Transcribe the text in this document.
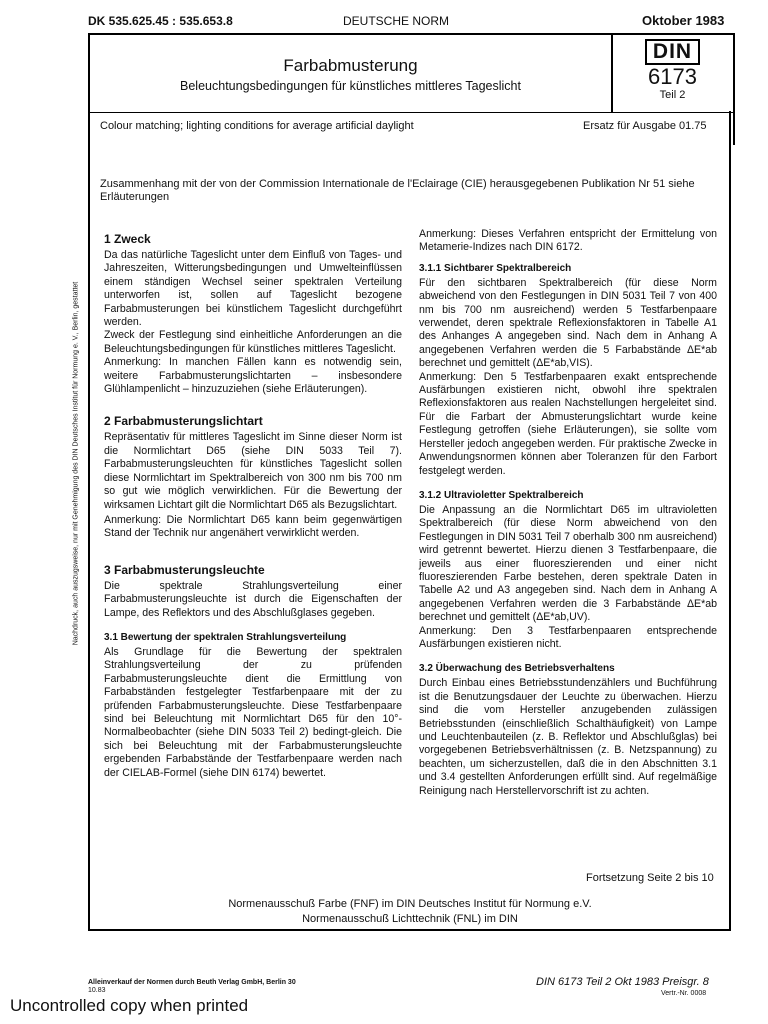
DK 535.625.45 : 535.653.8	DEUTSCHE NORM	Oktober 1983
Farbabmusterung
Beleuchtungsbedingungen für künstliches mittleres Tageslicht
DIN
6173
Teil 2
Colour matching; lighting conditions for average artificial daylight	Ersatz für Ausgabe 01.75
Zusammenhang mit der von der Commission Internationale de l'Eclairage (CIE) herausgegebenen Publikation Nr 51 siehe Erläuterungen
Nachdruck, auch auszugsweise, nur mit Genehmigung des DIN Deutsches Institut für Normung e. V., Berlin, gestattet

1 Zweck

Da das natürliche Tageslicht unter dem Einfluß von Tages- und Jahreszeiten, Witterungsbedingungen und Umwelteinflüssen einem ständigen Wechsel seiner spektralen Verteilung unterworfen ist, sollen auf Tageslicht bezogene Farbabmusterungen bei künstlichem Tageslicht durchgeführt werden.

Zweck der Festlegung sind einheitliche Anforderungen an die Beleuchtungsbedingungen für künstliches mittleres Tageslicht.

Anmerkung: In manchen Fällen kann es notwendig sein, weitere Farbabmusterungslichtarten – insbesondere Glühlampenlicht – hinzuzuziehen (siehe Erläuterungen).

2 Farbabmusterungslichtart

Repräsentativ für mittleres Tageslicht im Sinne dieser Norm ist die Normlichtart D65 (siehe DIN 5033 Teil 7). Farbabmusterungsleuchten für künstliches Tageslicht sollen diese Normlichtart im Spektralbereich von 300 nm bis 700 nm so gut wie möglich verwirklichen. Für die Bewertung der wirksamen Lichtart gilt die Normlichtart D65 als Bezugslichtart.

Anmerkung: Die Normlichtart D65 kann beim gegenwärtigen Stand der Technik nur angenähert verwirklicht werden.

3 Farbabmusterungsleuchte

Die spektrale Strahlungsverteilung einer Farbabmusterungsleuchte ist durch die Eigenschaften der Lampe, des Reflektors und des Abschlußglases gegeben.

3.1 Bewertung der spektralen Strahlungsverteilung

Als Grundlage für die Bewertung der spektralen Strahlungsverteilung der zu prüfenden Farbabmusterungsleuchte dient die Ermittlung von Farbabständen festgelegter Testfarbenpaare mit der zu prüfenden Farbabmusterungsleuchte. Diese Testfarbenpaare sind bei Beleuchtung mit Normlichtart D65 für den 10°-Normalbeobachter (siehe DIN 5033 Teil 2) bedingt-gleich. Die sich bei Beleuchtung mit der Farbabmusterungsleuchte ergebenden Farbabstände der Testfarbenpaare werden nach der CIELAB-Formel (siehe DIN 6174) bewertet.

Anmerkung: Dieses Verfahren entspricht der Ermittelung von Metamerie-Indizes nach DIN 6172.

3.1.1 Sichtbarer Spektralbereich

Für den sichtbaren Spektralbereich (für diese Norm abweichend von den Festlegungen in DIN 5031 Teil 7 von 400 nm bis 700 nm ausreichend) werden 5 Testfarbenpaare verwendet, deren spektrale Reflexionsfaktoren in Tabelle A1 des Anhanges A angegeben sind. Nach dem in Anhang A angegebenen Verfahren werden die 5 Farbabstände ΔE*ab berechnet und gemittelt (ΔE*ab,VIS).

Anmerkung: Den 5 Testfarbenpaaren exakt entsprechende Ausfärbungen existieren nicht, obwohl ihre spektralen Reflexionsfaktoren aus realen Nachstellungen hergeleitet sind. Für die Farbart der Abmusterungslichtart wurde keine Festlegung getroffen (siehe Erläuterungen), sie sollte vom Hersteller jedoch angegeben werden. Für praktische Zwecke in Anwendungsnormen können aber Toleranzen für den Farbort festgelegt werden.

3.1.2 Ultravioletter Spektralbereich

Die Anpassung an die Normlichtart D65 im ultravioletten Spektralbereich (für diese Norm abweichend von den Festlegungen in DIN 5031 Teil 7 oberhalb 300 nm ausreichend) wird getrennt bewertet. Hierzu dienen 3 Testfarbenpaare, die jeweils aus einer fluoreszierenden und einer nicht fluoreszierenden Farbe bestehen, deren spektrale Daten in Tabelle A2 und A3 angegeben sind. Nach dem in Anhang A angegebenen Verfahren werden die 3 Farbabstände ΔE*ab berechnet und gemittelt (ΔE*ab,UV).

Anmerkung: Den 3 Testfarbenpaaren entsprechende Ausfärbungen existieren nicht.

3.2 Überwachung des Betriebsverhaltens

Durch Einbau eines Betriebsstundenzählers und Buchführung ist die Benutzungsdauer der Leuchte zu überwachen. Hierzu sind die vom Hersteller anzugebenden zulässigen Betriebsstunden (einschließlich Schalthäufigkeit) von Lampe und Leuchtenbauteilen (z. B. Reflektor und Abschlußglas) bei vorgegebenen Betriebsverhältnissen (z. B. Netzspannung) zu beachten, um sicherzustellen, daß die in den Abschnitten 3.1 und 3.4 gestellten Anforderungen erfüllt sind. Auf regelmäßige Reinigung nach Herstellervorschrift ist zu achten.

Fortsetzung Seite 2 bis 10
Normenausschuß Farbe (FNF) im DIN Deutsches Institut für Normung e.V.
Normenausschuß Lichttechnik (FNL) im DIN
Alleinverkauf der Normen durch Beuth Verlag GmbH, Berlin 30
10.83
DIN 6173 Teil 2 Okt 1983 Preisgr. 8
Vertr.-Nr. 0008
Uncontrolled copy when printed
